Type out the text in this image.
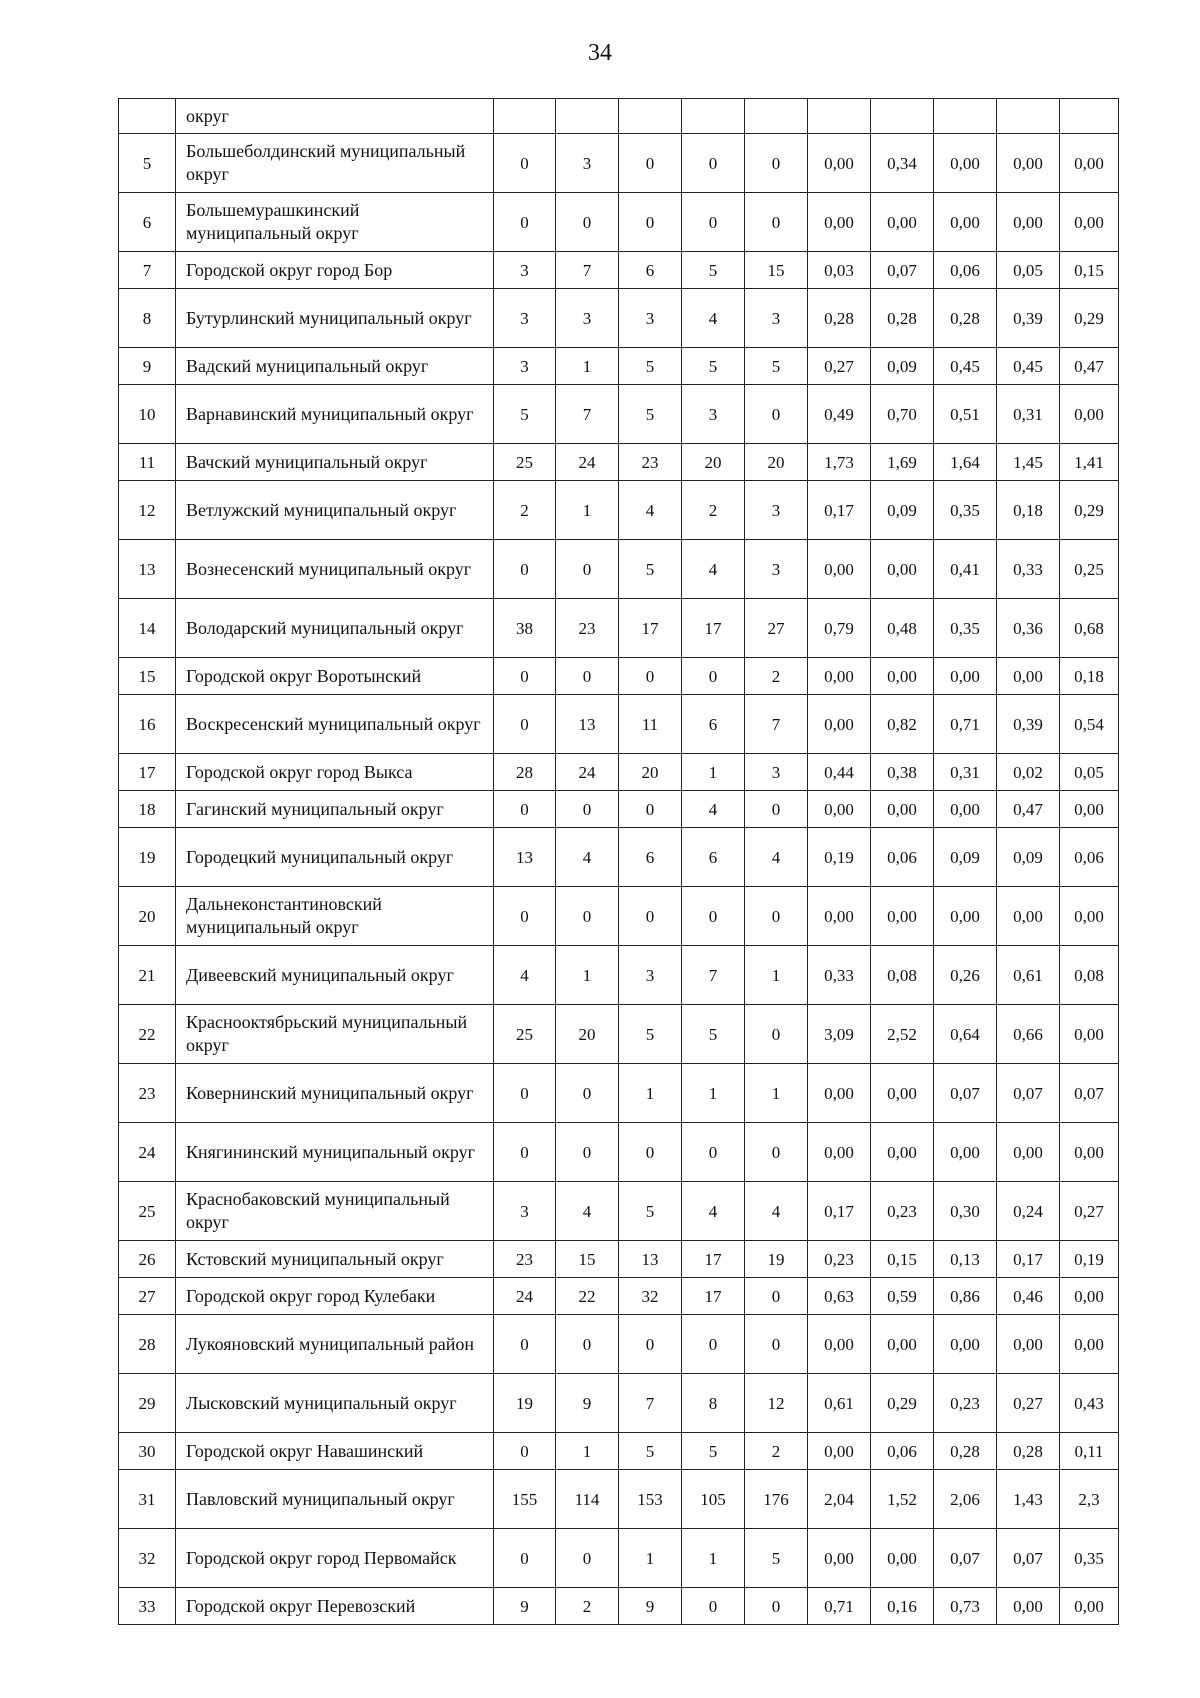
34
	округ										
5	Большеболдинский муниципальный округ	0	3	0	0	0	0,00	0,34	0,00	0,00	0,00
6	Большемурашкинский муниципальный округ	0	0	0	0	0	0,00	0,00	0,00	0,00	0,00
7	Городской округ город Бор	3	7	6	5	15	0,03	0,07	0,06	0,05	0,15
8	Бутурлинский муниципальный округ	3	3	3	4	3	0,28	0,28	0,28	0,39	0,29
9	Вадский муниципальный округ	3	1	5	5	5	0,27	0,09	0,45	0,45	0,47
10	Варнавинский муниципальный округ	5	7	5	3	0	0,49	0,70	0,51	0,31	0,00
11	Вачский муниципальный округ	25	24	23	20	20	1,73	1,69	1,64	1,45	1,41
12	Ветлужский муниципальный округ	2	1	4	2	3	0,17	0,09	0,35	0,18	0,29
13	Вознесенский муниципальный округ	0	0	5	4	3	0,00	0,00	0,41	0,33	0,25
14	Володарский муниципальный округ	38	23	17	17	27	0,79	0,48	0,35	0,36	0,68
15	Городской округ Воротынский	0	0	0	0	2	0,00	0,00	0,00	0,00	0,18
16	Воскресенский муниципальный округ	0	13	11	6	7	0,00	0,82	0,71	0,39	0,54
17	Городской округ город Выкса	28	24	20	1	3	0,44	0,38	0,31	0,02	0,05
18	Гагинский муниципальный округ	0	0	0	4	0	0,00	0,00	0,00	0,47	0,00
19	Городецкий муниципальный округ	13	4	6	6	4	0,19	0,06	0,09	0,09	0,06
20	Дальнеконстантиновский муниципальный округ	0	0	0	0	0	0,00	0,00	0,00	0,00	0,00
21	Дивеевский муниципальный округ	4	1	3	7	1	0,33	0,08	0,26	0,61	0,08
22	Краснооктябрьский муниципальный округ	25	20	5	5	0	3,09	2,52	0,64	0,66	0,00
23	Ковернинский муниципальный округ	0	0	1	1	1	0,00	0,00	0,07	0,07	0,07
24	Княгининский муниципальный округ	0	0	0	0	0	0,00	0,00	0,00	0,00	0,00
25	Краснобаковский муниципальный округ	3	4	5	4	4	0,17	0,23	0,30	0,24	0,27
26	Кстовский муниципальный округ	23	15	13	17	19	0,23	0,15	0,13	0,17	0,19
27	Городской округ город Кулебаки	24	22	32	17	0	0,63	0,59	0,86	0,46	0,00
28	Лукояновский муниципальный район	0	0	0	0	0	0,00	0,00	0,00	0,00	0,00
29	Лысковский муниципальный округ	19	9	7	8	12	0,61	0,29	0,23	0,27	0,43
30	Городской округ Навашинский	0	1	5	5	2	0,00	0,06	0,28	0,28	0,11
31	Павловский муниципальный округ	155	114	153	105	176	2,04	1,52	2,06	1,43	2,3
32	Городской округ город Первомайск	0	0	1	1	5	0,00	0,00	0,07	0,07	0,35
33	Городской округ Перевозский	9	2	9	0	0	0,71	0,16	0,73	0,00	0,00
